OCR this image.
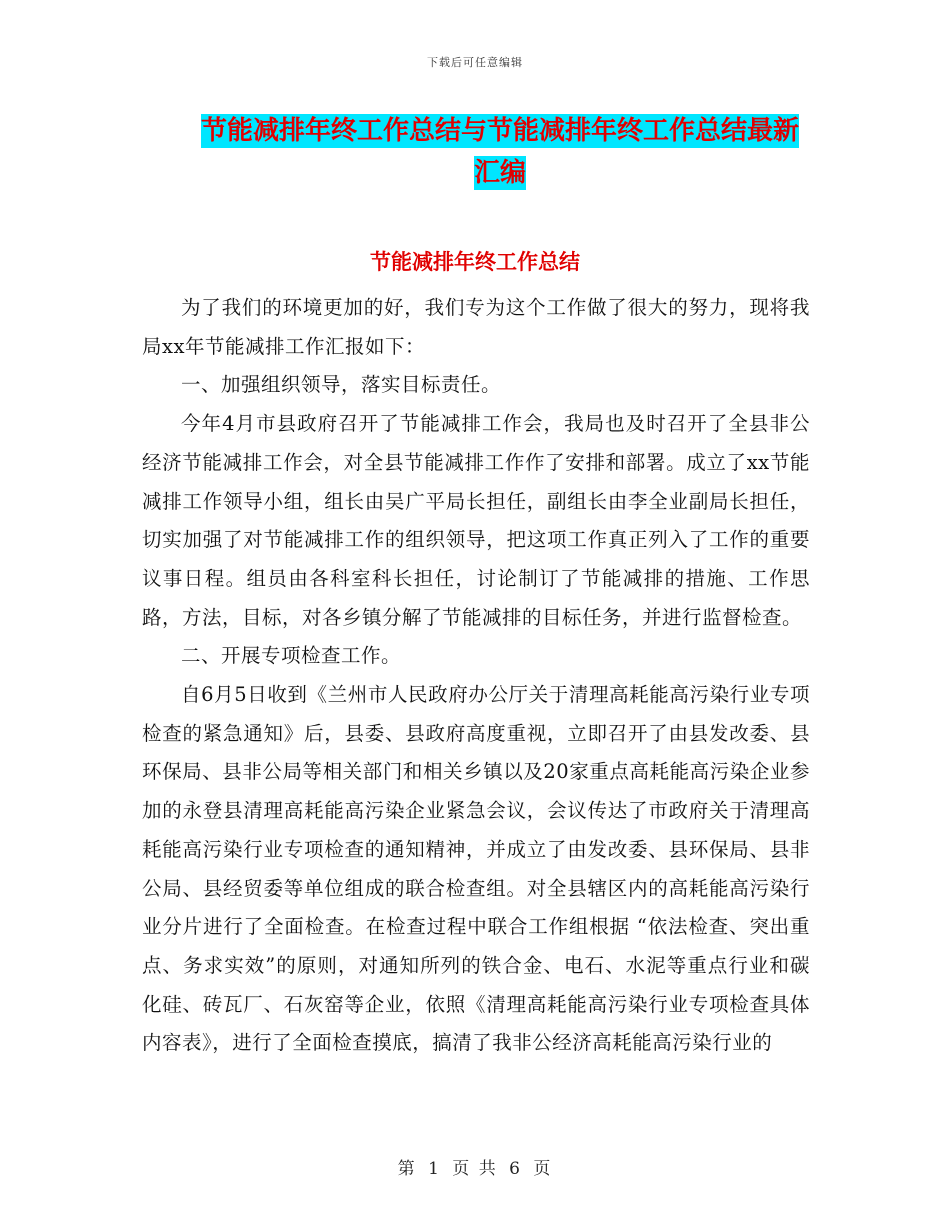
下载后可任意编辑
节能减排年终工作总结与节能减排年终工作总结最新
汇编
节能减排年终工作总结

为了我们的环境更加的好，我们专为这个工作做了很大的努力，现将我局xx年节能减排工作汇报如下：

一、加强组织领导，落实目标责任。

今年4月市县政府召开了节能减排工作会，我局也及时召开了全县非公经济节能减排工作会，对全县节能减排工作作了安排和部署。成立了xx节能减排工作领导小组，组长由吴广平局长担任，副组长由李全业副局长担任，切实加强了对节能减排工作的组织领导，把这项工作真正列入了工作的重要议事日程。组员由各科室科长担任，讨论制订了节能减排的措施、工作思路，方法，目标，对各乡镇分解了节能减排的目标任务，并进行监督检查。

二、开展专项检查工作。

自6月5日收到《兰州市人民政府办公厅关于清理高耗能高污染行业专项检查的紧急通知》后，县委、县政府高度重视，立即召开了由县发改委、县环保局、县非公局等相关部门和相关乡镇以及20家重点高耗能高污染企业参加的永登县清理高耗能高污染企业紧急会议，会议传达了市政府关于清理高耗能高污染行业专项检查的通知精神，并成立了由发改委、县环保局、县非公局、县经贸委等单位组成的联合检查组。对全县辖区内的高耗能高污染行业分片进行了全面检查。在检查过程中联合工作组根据 “依法检查、突出重点、务求实效”的原则，对通知所列的铁合金、电石、水泥等重点行业和碳化硅、砖瓦厂、石灰窑等企业，依照《清理高耗能高污染行业专项检查具体内容表》，进行了全面检查摸底，搞清了我非公经济高耗能高污染行业的

第 1 页 共 6 页
